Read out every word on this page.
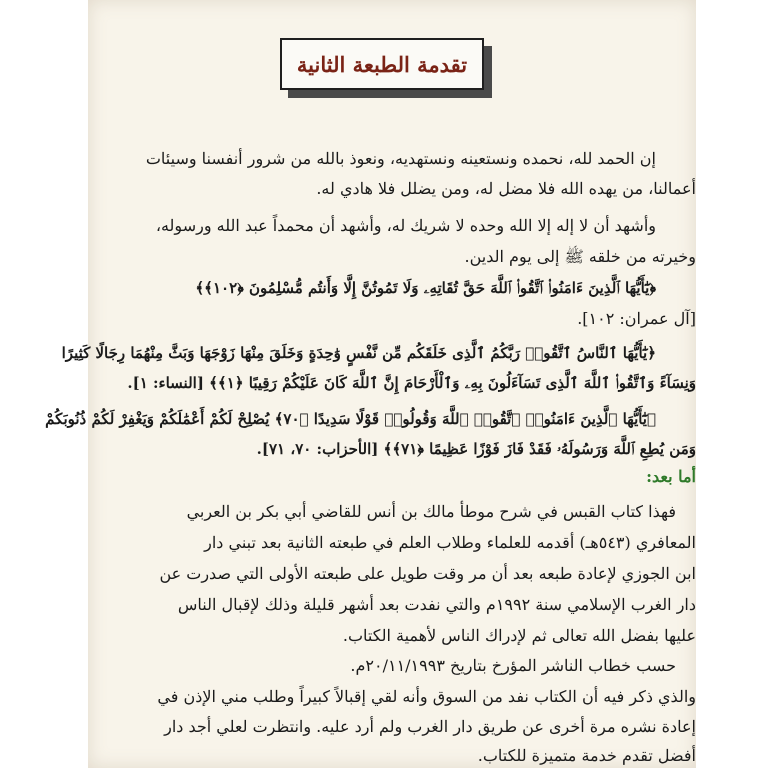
تقدمة الطبعة الثانية
إن الحمد لله، نحمده ونستعينه ونستهديه، ونعوذ بالله من شرور أنفسنا وسيئات
أعمالنا، من يهده الله فلا مضل له، ومن يضلل فلا هادي له.
وأشهد أن لا إله إلا الله وحده لا شريك له، وأشهد أن محمداً عبد الله ورسوله،
وخيرته من خلقه ﷺ إلى يوم الدين.
﴿يَٰٓأَيُّهَا ٱلَّذِينَ ءَامَنُوا۟ ٱتَّقُوا۟ ٱللَّهَ حَقَّ تُقَاتِهِۦ وَلَا تَمُوتُنَّ إِلَّا وَأَنتُم مُّسْلِمُونَ ﴿١٠٢﴾﴾
[آل عمران: ١٠٢].
﴿يَٰٓأَيُّهَا ٱلنَّاسُ ٱتَّقُوا۟ رَبَّكُمُ ٱلَّذِى خَلَقَكُم مِّن نَّفْسٍ وَٰحِدَةٍ وَخَلَقَ مِنْهَا زَوْجَهَا وَبَثَّ مِنْهُمَا رِجَالًا كَثِيرًا
وَنِسَآءً وَٱتَّقُوا۟ ٱللَّهَ ٱلَّذِى تَسَآءَلُونَ بِهِۦ وَٱلْأَرْحَامَ إِنَّ ٱللَّهَ كَانَ عَلَيْكُمْ رَقِيبًا ﴿١﴾﴾ [النساء: ١].
﴿يَٰٓأَيُّهَا ٱلَّذِينَ ءَامَنُوا۟ ٱتَّقُوا۟ ٱللَّهَ وَقُولُوا۟ قَوْلًا سَدِيدًا ﴿٧٠﴾ يُصْلِحْ لَكُمْ أَعْمَٰلَكُمْ وَيَغْفِرْ لَكُمْ ذُنُوبَكُمْ
وَمَن يُطِعِ ٱللَّهَ وَرَسُولَهُۥ فَقَدْ فَازَ فَوْزًا عَظِيمًا ﴿٧١﴾﴾ [الأحزاب: ٧٠، ٧١].
أما بعد:
فهذا كتاب القبس في شرح موطأ مالك بن أنس للقاضي أبي بكر بن العربي
المعافري (٥٤٣هـ) أقدمه للعلماء وطلاب العلم في طبعته الثانية بعد تبني دار
ابن الجوزي لإعادة طبعه بعد أن مر وقت طويل على طبعته الأولى التي صدرت عن
دار الغرب الإسلامي سنة ١٩٩٢م والتي نفدت بعد أشهر قليلة وذلك لإقبال الناس
عليها بفضل الله تعالى ثم لإدراك الناس لأهمية الكتاب.
حسب خطاب الناشر المؤرخ بتاريخ ٢٠/١١/١٩٩٣م.
والذي ذكر فيه أن الكتاب نفد من السوق وأنه لقي إقبالاً كبيراً وطلب مني الإذن في
إعادة نشره مرة أخرى عن طريق دار الغرب ولم أرد عليه. وانتظرت لعلي أجد دار
أفضل تقدم خدمة متميزة للكتاب.
